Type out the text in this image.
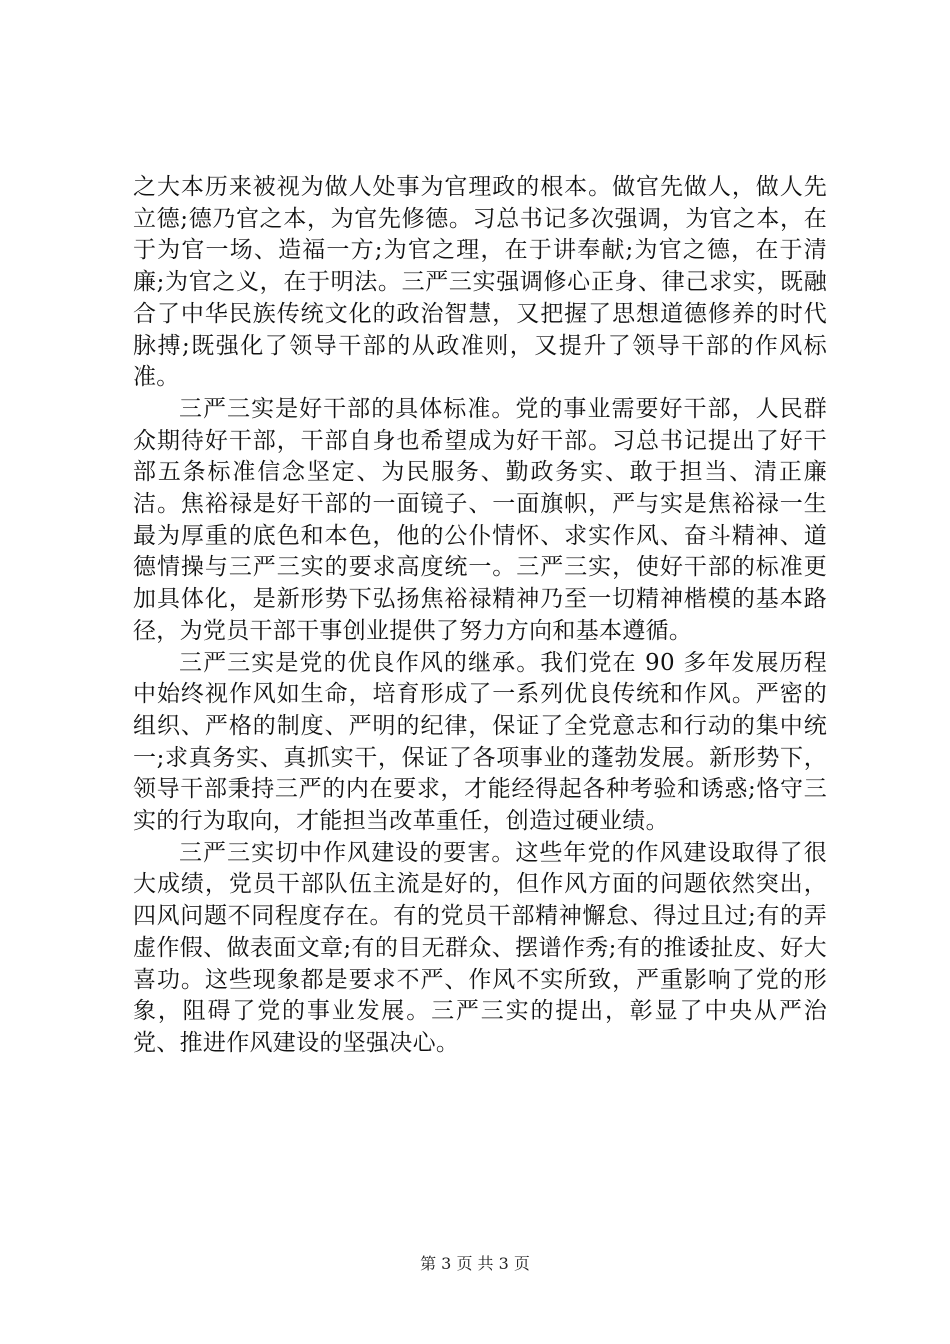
之大本历来被视为做人处事为官理政的根本。做官先做人，做人先立德;德乃官之本，为官先修德。习总书记多次强调，为官之本，在于为官一场、造福一方;为官之理，在于讲奉献;为官之德，在于清廉;为官之义，在于明法。三严三实强调修心正身、律己求实，既融合了中华民族传统文化的政治智慧，又把握了思想道德修养的时代脉搏;既强化了领导干部的从政准则，又提升了领导干部的作风标准。

三严三实是好干部的具体标准。党的事业需要好干部，人民群众期待好干部，干部自身也希望成为好干部。习总书记提出了好干部五条标准信念坚定、为民服务、勤政务实、敢于担当、清正廉洁。焦裕禄是好干部的一面镜子、一面旗帜，严与实是焦裕禄一生最为厚重的底色和本色，他的公仆情怀、求实作风、奋斗精神、道德情操与三严三实的要求高度统一。三严三实，使好干部的标准更加具体化，是新形势下弘扬焦裕禄精神乃至一切精神楷模的基本路径，为党员干部干事创业提供了努力方向和基本遵循。

三严三实是党的优良作风的继承。我们党在 90 多年发展历程中始终视作风如生命，培育形成了一系列优良传统和作风。严密的组织、严格的制度、严明的纪律，保证了全党意志和行动的集中统一;求真务实、真抓实干，保证了各项事业的蓬勃发展。新形势下，领导干部秉持三严的内在要求，才能经得起各种考验和诱惑;恪守三实的行为取向，才能担当改革重任，创造过硬业绩。

三严三实切中作风建设的要害。这些年党的作风建设取得了很大成绩，党员干部队伍主流是好的，但作风方面的问题依然突出，四风问题不同程度存在。有的党员干部精神懈怠、得过且过;有的弄虚作假、做表面文章;有的目无群众、摆谱作秀;有的推诿扯皮、好大喜功。这些现象都是要求不严、作风不实所致，严重影响了党的形象，阻碍了党的事业发展。三严三实的提出，彰显了中央从严治党、推进作风建设的坚强决心。

第 3 页 共 3 页
